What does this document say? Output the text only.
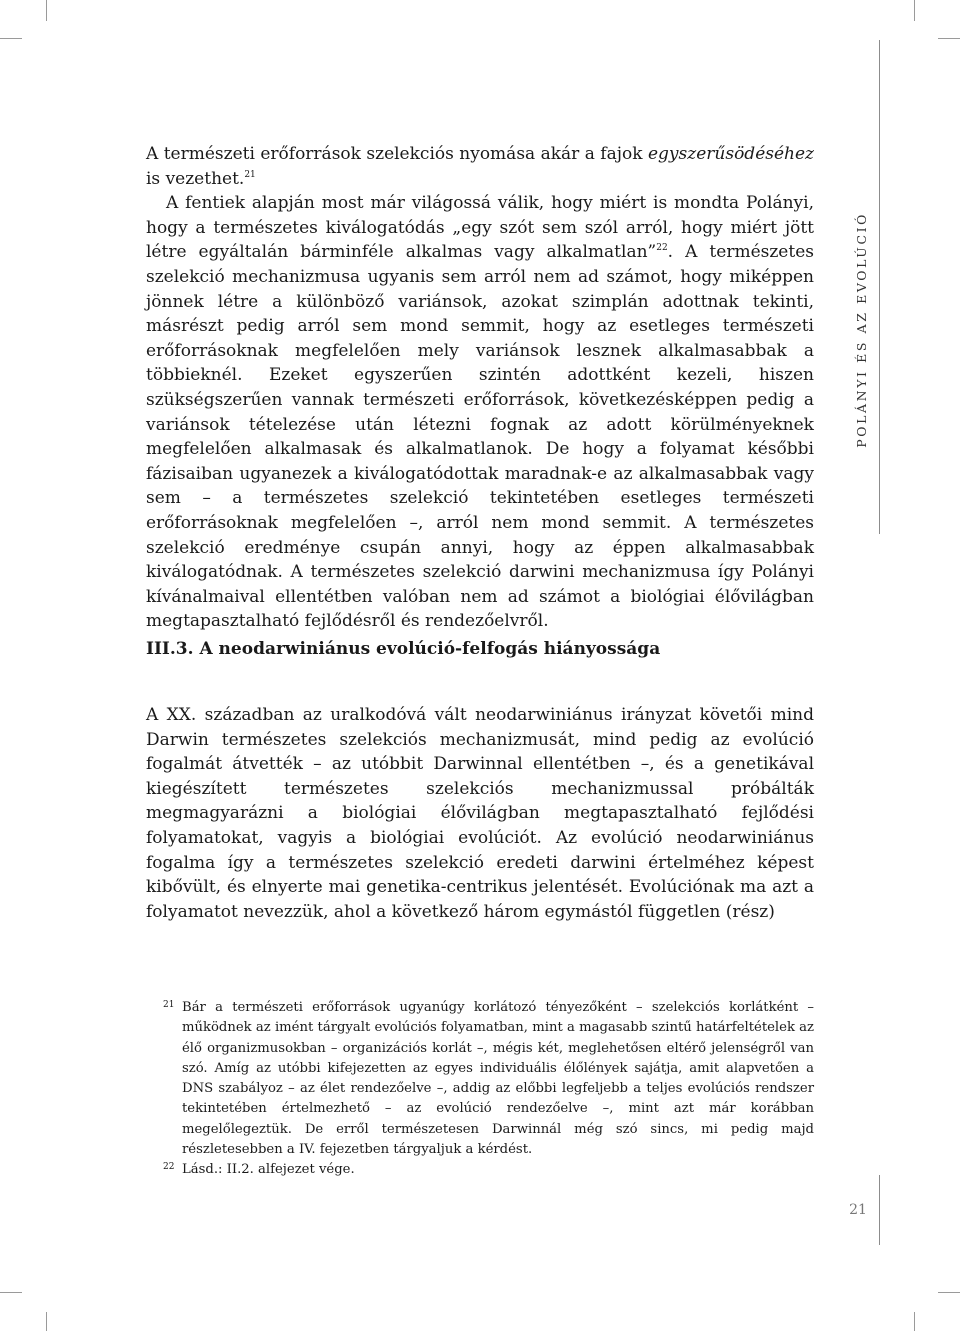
A természeti erőforrások szelekciós nyomása akár a fajok egyszerűsödéséhez is vezethet.$^{21}$

A fentiek alapján most már világossá válik, hogy miért is mondta Polányi, hogy a természetes kiválogatódás „egy szót sem szól arról, hogy miért jött létre egyáltalán bárminféle alkalmas vagy alkalmatlan”$^{22}$. A természetes szelekció mechanizmusa ugyanis sem arról nem ad számot, hogy miképpen jönnek létre a különböző variánsok, azokat szimplán adottnak tekinti, másrészt pedig arról sem mond semmit, hogy az esetleges természeti erőforrásoknak megfelelően mely variánsok lesznek alkalmasabbak a többieknél. Ezeket egyszerűen szintén adottként kezeli, hiszen szükségszerűen vannak természeti erőforrások, következésképpen pedig a variánsok tételezése után létezni fognak az adott körülményeknek megfelelően alkalmasak és alkalmatlanok. De hogy a folyamat későbbi fázisaiban ugyanezek a kiválogatódottak maradnak-e az alkalmasabbak vagy sem – a természetes szelekció tekintetében esetleges természeti erőforrásoknak megfelelően –, arról nem mond semmit. A természetes szelekció eredménye csupán annyi, hogy az éppen alkalmasabbak kiválogatódnak. A természetes szelekció darwini mechanizmusa így Polányi kívánalmaival ellentétben valóban nem ad számot a biológiai élővilágban megtapasztalható fejlődésről és rendezőelvről.

III.3. A neodarwiniánus evolúció-felfogás hiányossága

A XX. században az uralkodóvá vált neodarwiniánus irányzat követői mind Darwin természetes szelekciós mechanizmusát, mind pedig az evolúció fogalmát átvették – az utóbbit Darwinnal ellentétben –, és a genetikával kiegészített természetes szelekciós mechanizmussal próbálták megmagyarázni a biológiai élővilágban megtapasztalható fejlődési folyamatokat, vagyis a biológiai evolúciót. Az evolúció neodarwiniánus fogalma így a természetes szelekció eredeti darwini értelméhez képest kibővült, és elnyerte mai genetika-centrikus jelentését. Evolúciónak ma azt a folyamatot nevezzük, ahol a következő három egymástól független (rész)

21 Bár a természeti erőforrások ugyanúgy korlátozó tényezőként – szelekciós korlátként – működnek az imént tárgyalt evolúciós folyamatban, mint a magasabb szintű határfeltételek az élő organizmusokban – organizációs korlát –, mégis két, meglehetősen eltérő jelenségről van szó. Amíg az utóbbi kifejezetten az egyes individuális élőlények sajátja, amit alapvetően a DNS szabályoz – az élet rendezőelve –, addig az előbbi legfeljebb a teljes evolúciós rendszer tekintetében értelmezhető – az evolúció rendezőelve –, mint azt már korábban megelőlegeztük. De erről természetesen Darwinnál még szó sincs, mi pedig majd részletesebben a IV. fejezetben tárgyaljuk a kérdést.

22 Lásd.: II.2. alfejezet vége.

POLÁNYI ÉS AZ EVOLÚCIÓ
21
